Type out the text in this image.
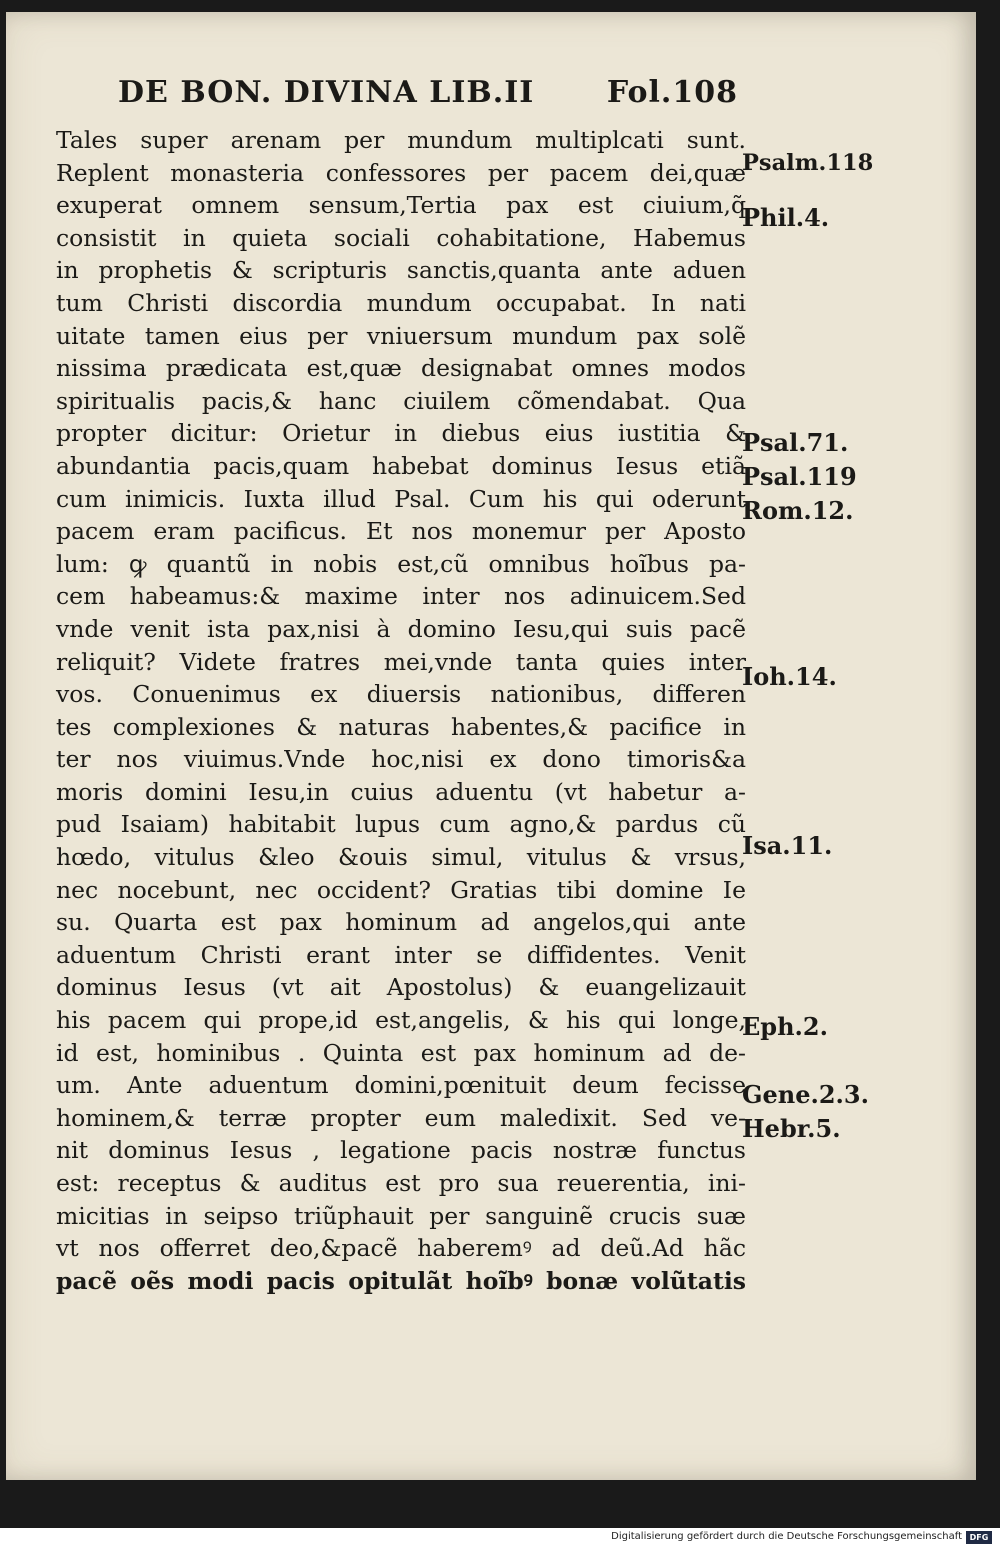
DE BON. DIVINA LIB.II Fol.108
Tales super arenam per mundum multiplcati sunt.
Replent monasteria confessores per pacem dei,quæ
exuperat omnem sensum,Tertia pax est ciuium,q̃
consistit in quieta sociali cohabitatione, Habemus
in prophetis & scripturis sanctis,quanta ante aduen
tum Christi discordia mundum occupabat. In nati
uitate tamen eius per vniuersum mundum pax solẽ
nissima prædicata est,quæ designabat omnes modos
spiritualis pacis,& hanc ciuilem cõmendabat. Qua
propter dicitur: Orietur in diebus eius iustitia &
abundantia pacis,quam habebat dominus Iesus etiã
cum inimicis. Iuxta illud Psal. Cum his qui oderunt
pacem eram pacificus. Et nos monemur per Aposto
lum: ꝙ quantũ in nobis est,cũ omnibus hoĩbus pa-
cem habeamus:& maxime inter nos adinuicem.Sed
vnde venit ista pax,nisi à domino Iesu,qui suis pacẽ
reliquit? Videte fratres mei,vnde tanta quies inter
vos. Conuenimus ex diuersis nationibus, differen
tes complexiones & naturas habentes,& pacifice in
ter nos viuimus.Vnde hoc,nisi ex dono timoris&a
moris domini Iesu,in cuius aduentu (vt habetur a-
pud Isaiam) habitabit lupus cum agno,& pardus cũ
hœdo, vitulus &leo &ouis simul, vitulus & vrsus,
nec nocebunt, nec occident? Gratias tibi domine Ie
su. Quarta est pax hominum ad angelos,qui ante
aduentum Christi erant inter se diffidentes. Venit
dominus Iesus (vt ait Apostolus) & euangelizauit
his pacem qui prope,id est,angelis, & his qui longe,
id est, hominibus . Quinta est pax hominum ad de-
um. Ante aduentum domini,pœnituit deum fecisse
hominem,& terræ propter eum maledixit. Sed ve-
nit dominus Iesus , legatione pacis nostræ functus
est: receptus & auditus est pro sua reuerentia, ini-
micitias in seipso triũphauit per sanguinẽ crucis suæ
vt nos offerret deo,&pacẽ haberemꝰ ad deũ.Ad hãc
pacẽ oẽs modi pacis opitulãt hoĩbꝰ bonæ volũtatis
Psalm.118
Phil.4.
Psal.71.
Psal.119
Rom.12.
Ioh.14.
Isa.11.
Eph.2.
Gene.2.3.
Hebr.5.
Digitalisierung gefördert durch die Deutsche Forschungsgemeinschaft DFG
